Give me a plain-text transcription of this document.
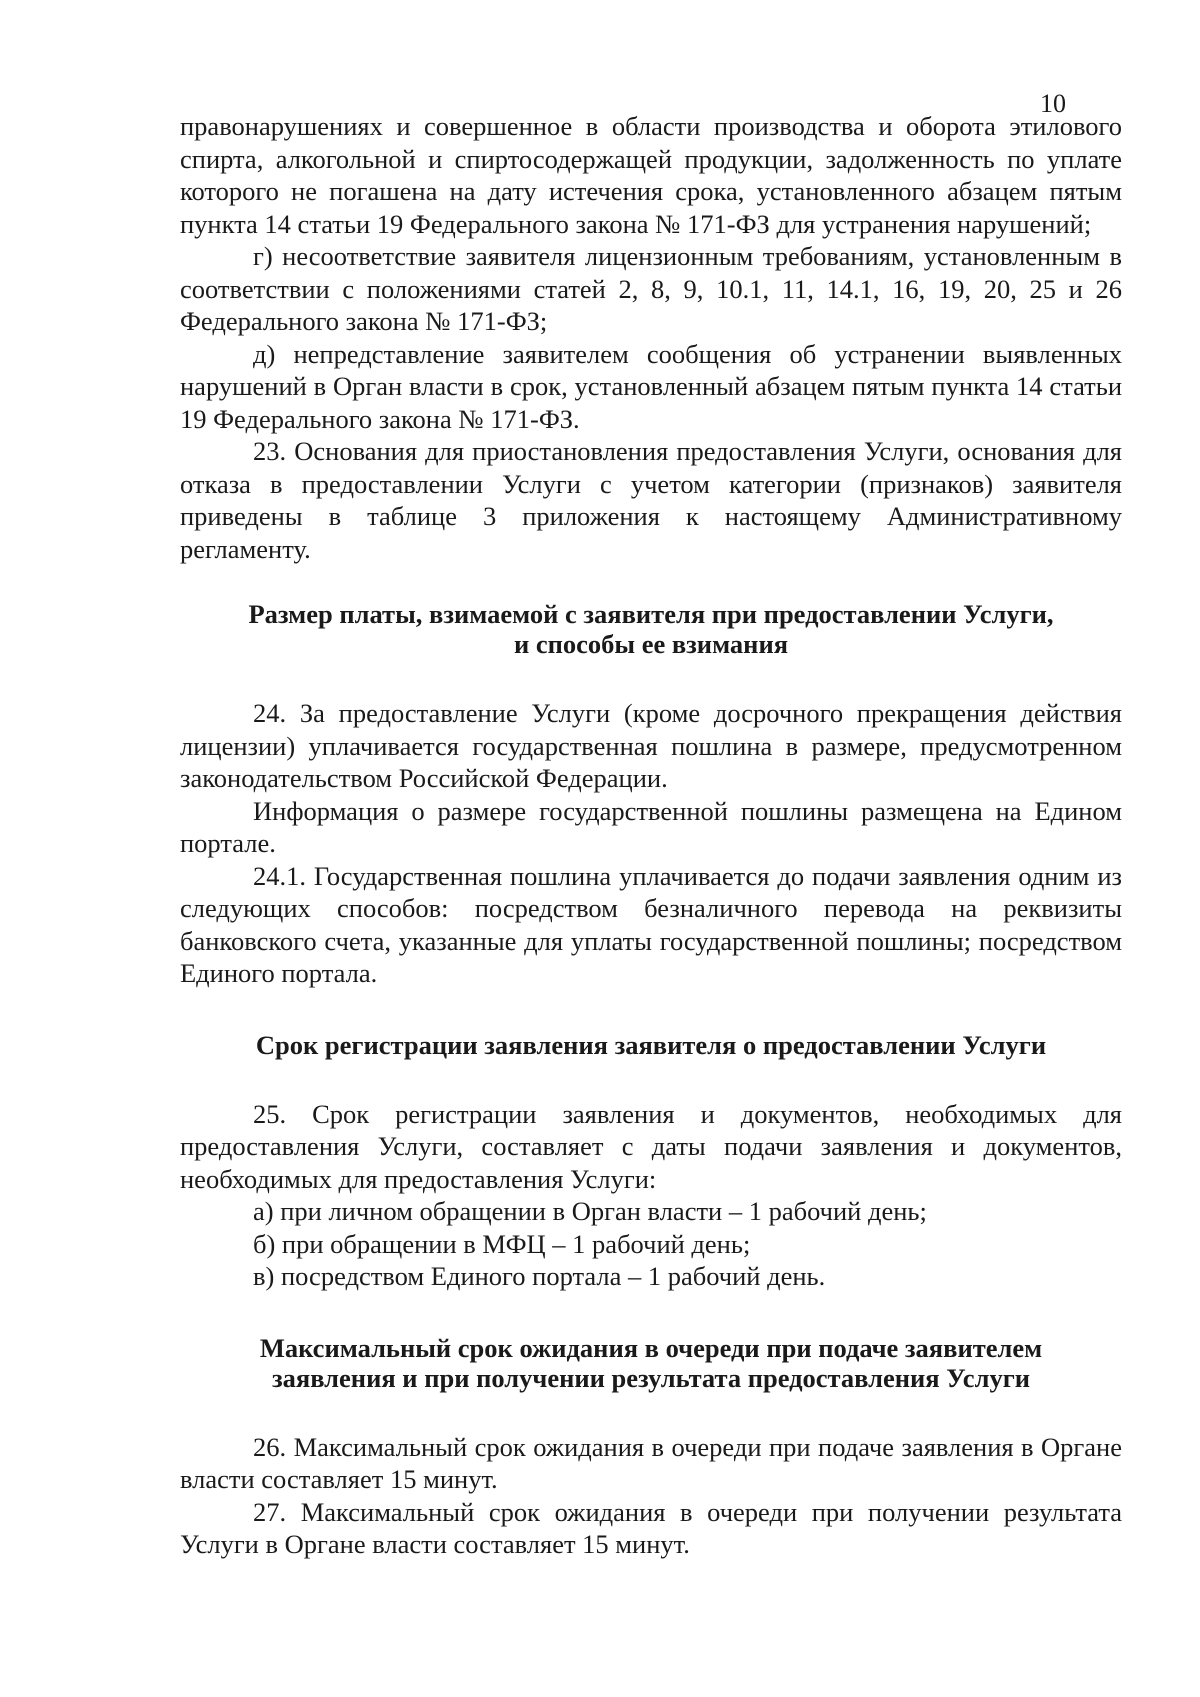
10

правонарушениях и совершенное в области производства и оборота этилового спирта, алкогольной и спиртосодержащей продукции, задолженность по уплате которого не погашена на дату истечения срока, установленного абзацем пятым пункта 14 статьи 19 Федерального закона № 171-ФЗ для устранения нарушений;

г) несоответствие заявителя лицензионным требованиям, установленным в соответствии с положениями статей 2, 8, 9, 10.1, 11, 14.1, 16, 19, 20, 25 и 26 Федерального закона № 171-ФЗ;

д) непредставление заявителем сообщения об устранении выявленных нарушений в Орган власти в срок, установленный абзацем пятым пункта 14 статьи 19 Федерального закона № 171-ФЗ.

23. Основания для приостановления предоставления Услуги, основания для отказа в предоставлении Услуги с учетом категории (признаков) заявителя приведены в таблице 3 приложения к настоящему Административному регламенту.

Размер платы, взимаемой с заявителя при предоставлении Услуги,
и способы ее взимания

24. За предоставление Услуги (кроме досрочного прекращения действия лицензии) уплачивается государственная пошлина в размере, предусмотренном законодательством Российской Федерации.

Информация о размере государственной пошлины размещена на Едином портале.

24.1. Государственная пошлина уплачивается до подачи заявления одним из следующих способов: посредством безналичного перевода на реквизиты банковского счета, указанные для уплаты государственной пошлины; посредством Единого портала.

Срок регистрации заявления заявителя о предоставлении Услуги

25. Срок регистрации заявления и документов, необходимых для предоставления Услуги, составляет с даты подачи заявления и документов, необходимых для предоставления Услуги:

а) при личном обращении в Орган власти – 1 рабочий день;

б) при обращении в МФЦ – 1 рабочий день;

в) посредством Единого портала – 1 рабочий день.

Максимальный срок ожидания в очереди при подаче заявителем
заявления и при получении результата предоставления Услуги

26. Максимальный срок ожидания в очереди при подаче заявления в Органе власти составляет 15 минут.

27. Максимальный срок ожидания в очереди при получении результата Услуги в Органе власти составляет 15 минут.
